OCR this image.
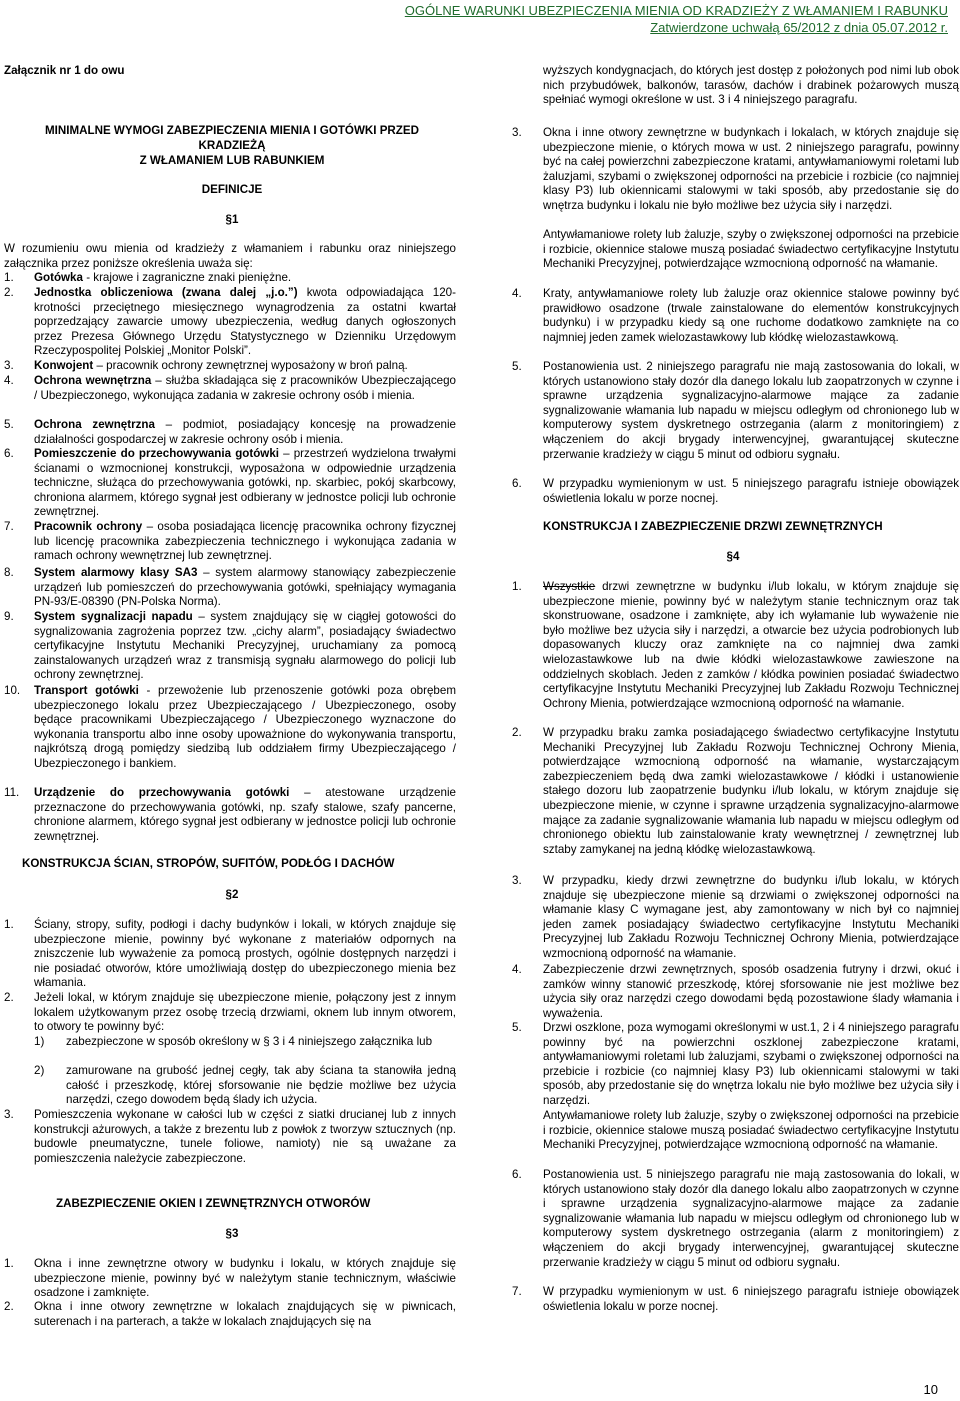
OGÓLNE WARUNKI UBEZPIECZENIA MIENIA OD KRADZIEŻY Z WŁAMANIEM I RABUNKU
Zatwierdzone uchwałą 65/2012 z dnia 05.07.2012 r.
Załącznik nr 1 do owu
MINIMALNE WYMOGI ZABEZPIECZENIA MIENIA I GOTÓWKI PRZED
KRADZIEŻĄ
Z WŁAMANIEM LUB RABUNKIEM
DEFINICJE
§1
W rozumieniu owu mienia od kradzieży z włamaniem i rabunku oraz niniejszego załącznika przez poniższe określenia uważa się:
1. Gotówka - krajowe i zagraniczne znaki pieniężne.
2. Jednostka obliczeniowa (zwana dalej „j.o.”) kwota odpowiadająca 120-krotności przeciętnego miesięcznego wynagrodzenia za ostatni kwartał poprzedzający zawarcie umowy ubezpieczenia, według danych ogłoszonych przez Prezesa Głównego Urzędu Statystycznego w Dzienniku Urzędowym Rzeczypospolitej Polskiej „Monitor Polski”.
3. Konwojent – pracownik ochrony zewnętrznej wyposażony w broń palną.
4. Ochrona wewnętrzna – służba składająca się z pracowników Ubezpieczającego / Ubezpieczonego, wykonująca zadania w zakresie ochrony osób i mienia.
5. Ochrona zewnętrzna – podmiot, posiadający koncesję na prowadzenie działalności gospodarczej w zakresie ochrony osób i mienia.
6. Pomieszczenie do przechowywania gotówki – przestrzeń wydzielona trwałymi ścianami o wzmocnionej konstrukcji, wyposażona w odpowiednie urządzenia techniczne, służąca do przechowywania gotówki, np. skarbiec, pokój skarbcowy, chroniona alarmem, którego sygnał jest odbierany w jednostce policji lub ochronie zewnętrznej.
7. Pracownik ochrony – osoba posiadająca licencję pracownika ochrony fizycznej lub licencję pracownika zabezpieczenia technicznego i wykonująca zadania w ramach ochrony wewnętrznej lub zewnętrznej.
8. System alarmowy klasy SA3 – system alarmowy stanowiący zabezpieczenie urządzeń lub pomieszczeń do przechowywania gotówki, spełniający wymagania PN-93/E-08390 (PN-Polska Norma).
9. System sygnalizacji napadu – system znajdujący się w ciągłej gotowości do sygnalizowania zagrożenia poprzez tzw. „cichy alarm”, posiadający świadectwo certyfikacyjne Instytutu Mechaniki Precyzyjnej, uruchamiany za pomocą zainstalowanych urządzeń wraz z transmisją sygnału alarmowego do policji lub ochrony zewnętrznej.
10. Transport gotówki - przewożenie lub przenoszenie gotówki poza obrębem ubezpieczonego lokalu przez Ubezpieczającego / Ubezpieczonego, osoby będące pracownikami Ubezpieczającego / Ubezpieczonego wyznaczone do wykonania transportu albo inne osoby upoważnione do wykonywania transportu, najkrótszą drogą pomiędzy siedzibą lub oddziałem firmy Ubezpieczającego / Ubezpieczonego i bankiem.
11. Urządzenie do przechowywania gotówki – atestowane urządzenie przeznaczone do przechowywania gotówki, np. szafy stalowe, szafy pancerne, chronione alarmem, którego sygnał jest odbierany w jednostce policji lub ochronie zewnętrznej.
KONSTRUKCJA ŚCIAN, STROPÓW, SUFITÓW, PODŁÓG I DACHÓW
§2
1. Ściany, stropy, sufity, podłogi i dachy budynków i lokali, w których znajduje się ubezpieczone mienie, powinny być wykonane z materiałów odpornych na zniszczenie lub wyważenie za pomocą prostych, ogólnie dostępnych narzędzi i nie posiadać otworów, które umożliwiają dostęp do ubezpieczonego mienia bez włamania.
2. Jeżeli lokal, w którym znajduje się ubezpieczone mienie, połączony jest z innym lokalem użytkowanym przez osobę trzecią drzwiami, oknem lub innym otworem, to otwory te powinny być:
1) zabezpieczone w sposób określony w § 3 i 4 niniejszego załącznika lub
2) zamurowane na grubość jednej cegły, tak aby ściana ta stanowiła jedną całość i przeszkodę, której sforsowanie nie będzie możliwe bez użycia narzędzi, czego dowodem będą ślady ich użycia.
3. Pomieszczenia wykonane w całości lub w części z siatki drucianej lub z innych konstrukcji ażurowych, a także z brezentu lub z powłok z tworzyw sztucznych (np. budowle pneumatyczne, tunele foliowe, namioty) nie są uważane za pomieszczenia należycie zabezpieczone.
ZABEZPIECZENIE OKIEN I ZEWNĘTRZNYCH OTWORÓW
§3
1. Okna i inne zewnętrzne otwory w budynku i lokalu, w których znajduje się ubezpieczone mienie, powinny być w należytym stanie technicznym, właściwie osadzone i zamknięte.
2. Okna i inne otwory zewnętrzne w lokalach znajdujących się w piwnicach, suterenach i na parterach, a także w lokalach znajdujących się na
wyższych kondygnacjach, do których jest dostęp z położonych pod nimi lub obok nich przybudówek, balkonów, tarasów, dachów i drabinek pożarowych muszą spełniać wymogi określone w ust. 3 i 4 niniejszego paragrafu.
3. Okna i inne otwory zewnętrzne w budynkach i lokalach, w których znajduje się ubezpieczone mienie, o których mowa w ust. 2 niniejszego paragrafu, powinny być na całej powierzchni zabezpieczone kratami, antywłamaniowymi roletami lub żaluzjami, szybami o zwiększonej odporności na przebicie i rozbicie (co najmniej klasy P3) lub okiennicami stalowymi w taki sposób, aby przedostanie się do wnętrza budynku i lokalu nie było możliwe bez użycia siły i narzędzi.
Antywłamaniowe rolety lub żaluzje, szyby o zwiększonej odporności na przebicie i rozbicie, okiennice stalowe muszą posiadać świadectwo certyfikacyjne Instytutu Mechaniki Precyzyjnej, potwierdzające wzmocnioną odporność na włamanie.
4. Kraty, antywłamaniowe rolety lub żaluzje oraz okiennice stalowe powinny być prawidłowo osadzone (trwale zainstalowane do elementów konstrukcyjnych budynku) i w przypadku kiedy są one ruchome dodatkowo zamknięte na co najmniej jeden zamek wielozastawkowy lub kłódkę wielozastawkową.
5. Postanowienia ust. 2 niniejszego paragrafu nie mają zastosowania do lokali, w których ustanowiono stały dozór dla danego lokalu lub zaopatrzonych w czynne i sprawne urządzenia sygnalizacyjno-alarmowe mające za zadanie sygnalizowanie włamania lub napadu w miejscu odległym od chronionego lub w komputerowy system dyskretnego ostrzegania (alarm z monitoringiem) z włączeniem do akcji brygady interwencyjnej, gwarantującej skuteczne przerwanie kradzieży w ciągu 5 minut od odbioru sygnału.
6. W przypadku wymienionym w ust. 5 niniejszego paragrafu istnieje obowiązek oświetlenia lokalu w porze nocnej.
KONSTRUKCJA I ZABEZPIECZENIE DRZWI ZEWNĘTRZNYCH
§4
1. Wszystkie drzwi zewnętrzne w budynku i/lub lokalu, w którym znajduje się ubezpieczone mienie, powinny być w należytym stanie technicznym oraz tak skonstruowane, osadzone i zamknięte, aby ich wyłamanie lub wyważenie nie było możliwe bez użycia siły i narzędzi, a otwarcie bez użycia podrobionych lub dopasowanych kluczy oraz zamknięte na co najmniej dwa zamki wielozastawkowe lub na dwie kłódki wielozastawkowe zawieszone na oddzielnych skoblach. Jeden z zamków / kłódka powinien posiadać świadectwo certyfikacyjne Instytutu Mechaniki Precyzyjnej lub Zakładu Rozwoju Technicznej Ochrony Mienia, potwierdzające wzmocnioną odporność na włamanie.
2. W przypadku braku zamka posiadającego świadectwo certyfikacyjne Instytutu Mechaniki Precyzyjnej lub Zakładu Rozwoju Technicznej Ochrony Mienia, potwierdzające wzmocnioną odporność na włamanie, wystarczającym zabezpieczeniem będą dwa zamki wielozastawkowe / kłódki i ustanowienie stałego dozoru lub zaopatrzenie budynku i/lub lokalu, w którym znajduje się ubezpieczone mienie, w czynne i sprawne urządzenia sygnalizacyjno-alarmowe mające za zadanie sygnalizowanie włamania lub napadu w miejscu odległym od chronionego obiektu lub zainstalowanie kraty wewnętrznej / zewnętrznej lub sztaby zamykanej na jedną kłódkę wielozastawkową.
3. W przypadku, kiedy drzwi zewnętrzne do budynku i/lub lokalu, w których znajduje się ubezpieczone mienie są drzwiami o zwiększonej odporności na włamanie klasy C wymagane jest, aby zamontowany w nich był co najmniej jeden zamek posiadający świadectwo certyfikacyjne Instytutu Mechaniki Precyzyjnej lub Zakładu Rozwoju Technicznej Ochrony Mienia, potwierdzające wzmocnioną odporność na włamanie.
4. Zabezpieczenie drzwi zewnętrznych, sposób osadzenia futryny i drzwi, okuć i zamków winny stanowić przeszkodę, której sforsowanie nie jest możliwe bez użycia siły oraz narzędzi czego dowodami będą pozostawione ślady włamania i wyważenia.
5. Drzwi oszklone, poza wymogami określonymi w ust.1, 2 i 4 niniejszego paragrafu powinny być na powierzchni oszklonej zabezpieczone kratami, antywłamaniowymi roletami lub żaluzjami, szybami o zwiększonej odporności na przebicie i rozbicie (co najmniej klasy P3) lub okiennicami stalowymi w taki sposób, aby przedostanie się do wnętrza lokalu nie było możliwe bez użycia siły i narzędzi.
Antywłamaniowe rolety lub żaluzje, szyby o zwiększonej odporności na przebicie i rozbicie, okiennice stalowe muszą posiadać świadectwo certyfikacyjne Instytutu Mechaniki Precyzyjnej, potwierdzające wzmocnioną odporność na włamanie.
6. Postanowienia ust. 5 niniejszego paragrafu nie mają zastosowania do lokali, w których ustanowiono stały dozór dla danego lokalu albo zaopatrzonych w czynne i sprawne urządzenia sygnalizacyjno-alarmowe mające za zadanie sygnalizowanie włamania lub napadu w miejscu odległym od chronionego lub w komputerowy system dyskretnego ostrzegania (alarm z monitoringiem) z włączeniem do akcji brygady interwencyjnej, gwarantującej skuteczne przerwanie kradzieży w ciągu 5 minut od odbioru sygnału.
7. W przypadku wymienionym w ust. 6 niniejszego paragrafu istnieje obowiązek oświetlenia lokalu w porze nocnej.
10
